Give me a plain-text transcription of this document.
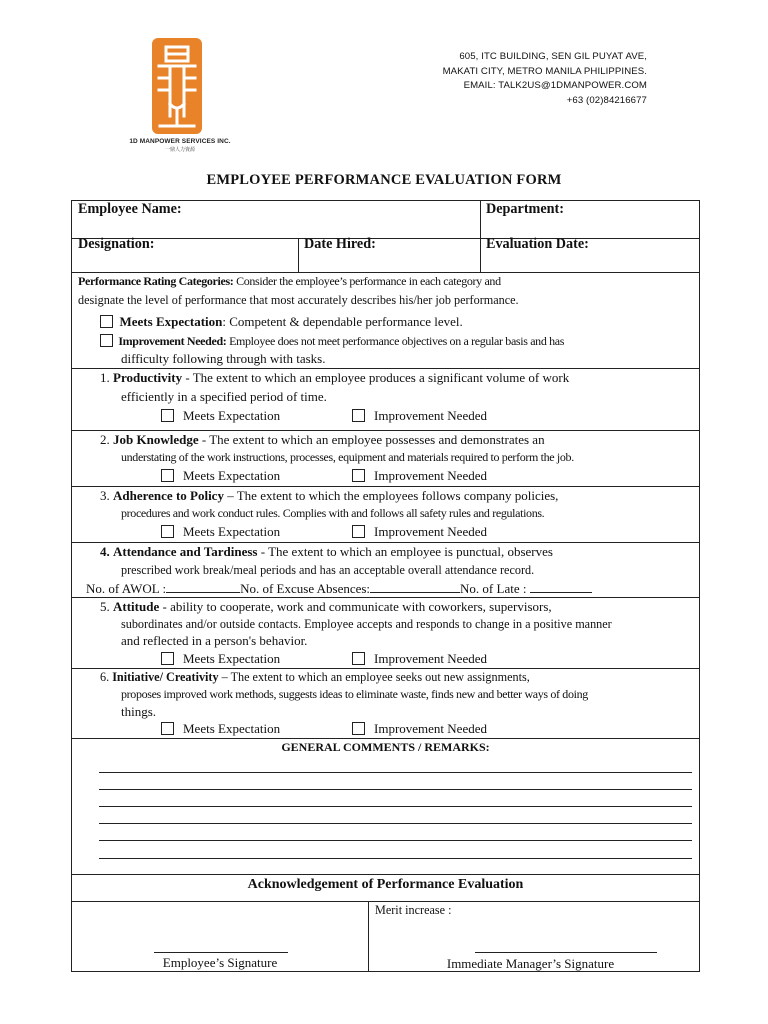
1D MANPOWER SERVICES INC.
一鼎人力資源
605, ITC BUILDING, SEN GIL PUYAT AVE,
MAKATI CITY, METRO MANILA PHILIPPINES.
EMAIL: TALK2US@1DMANPOWER.COM
+63 (02)84216677
EMPLOYEE PERFORMANCE EVALUATION FORM
Employee Name:	Department:
Designation:	Date Hired:	Evaluation Date:
Performance Rating Categories: Consider the employee’s performance in each category and
designate the level of performance that most accurately describes his/her job performance.
Meets Expectation: Competent & dependable performance level.
Improvement Needed: Employee does not meet performance objectives on a regular basis and has
difficulty following through with tasks.
1. Productivity - The extent to which an employee produces a significant volume of work
efficiently in a specified period of time.
Meets Expectation	Improvement Needed
2. Job Knowledge - The extent to which an employee possesses and demonstrates an
understating of the work instructions, processes, equipment and materials required to perform the job.
Meets Expectation	Improvement Needed
3. Adherence to Policy – The extent to which the employees follows company policies,
procedures and work conduct rules. Complies with and follows all safety rules and regulations.
Meets Expectation	Improvement Needed
4. Attendance and Tardiness - The extent to which an employee is punctual, observes
prescribed work break/meal periods and has an acceptable overall attendance record.
No. of AWOL :	No. of Excuse Absences:	No. of Late :
5. Attitude - ability to cooperate, work and communicate with coworkers, supervisors,
subordinates and/or outside contacts. Employee accepts and responds to change in a positive manner
and reflected in a person's behavior.
Meets Expectation	Improvement Needed
6. Initiative/ Creativity – The extent to which an employee seeks out new assignments,
proposes improved work methods, suggests ideas to eliminate waste, finds new and better ways of doing
things.
Meets Expectation	Improvement Needed
GENERAL COMMENTS / REMARKS:
Acknowledgement of Performance Evaluation
Merit increase :
Employee’s Signature	Immediate Manager’s Signature
